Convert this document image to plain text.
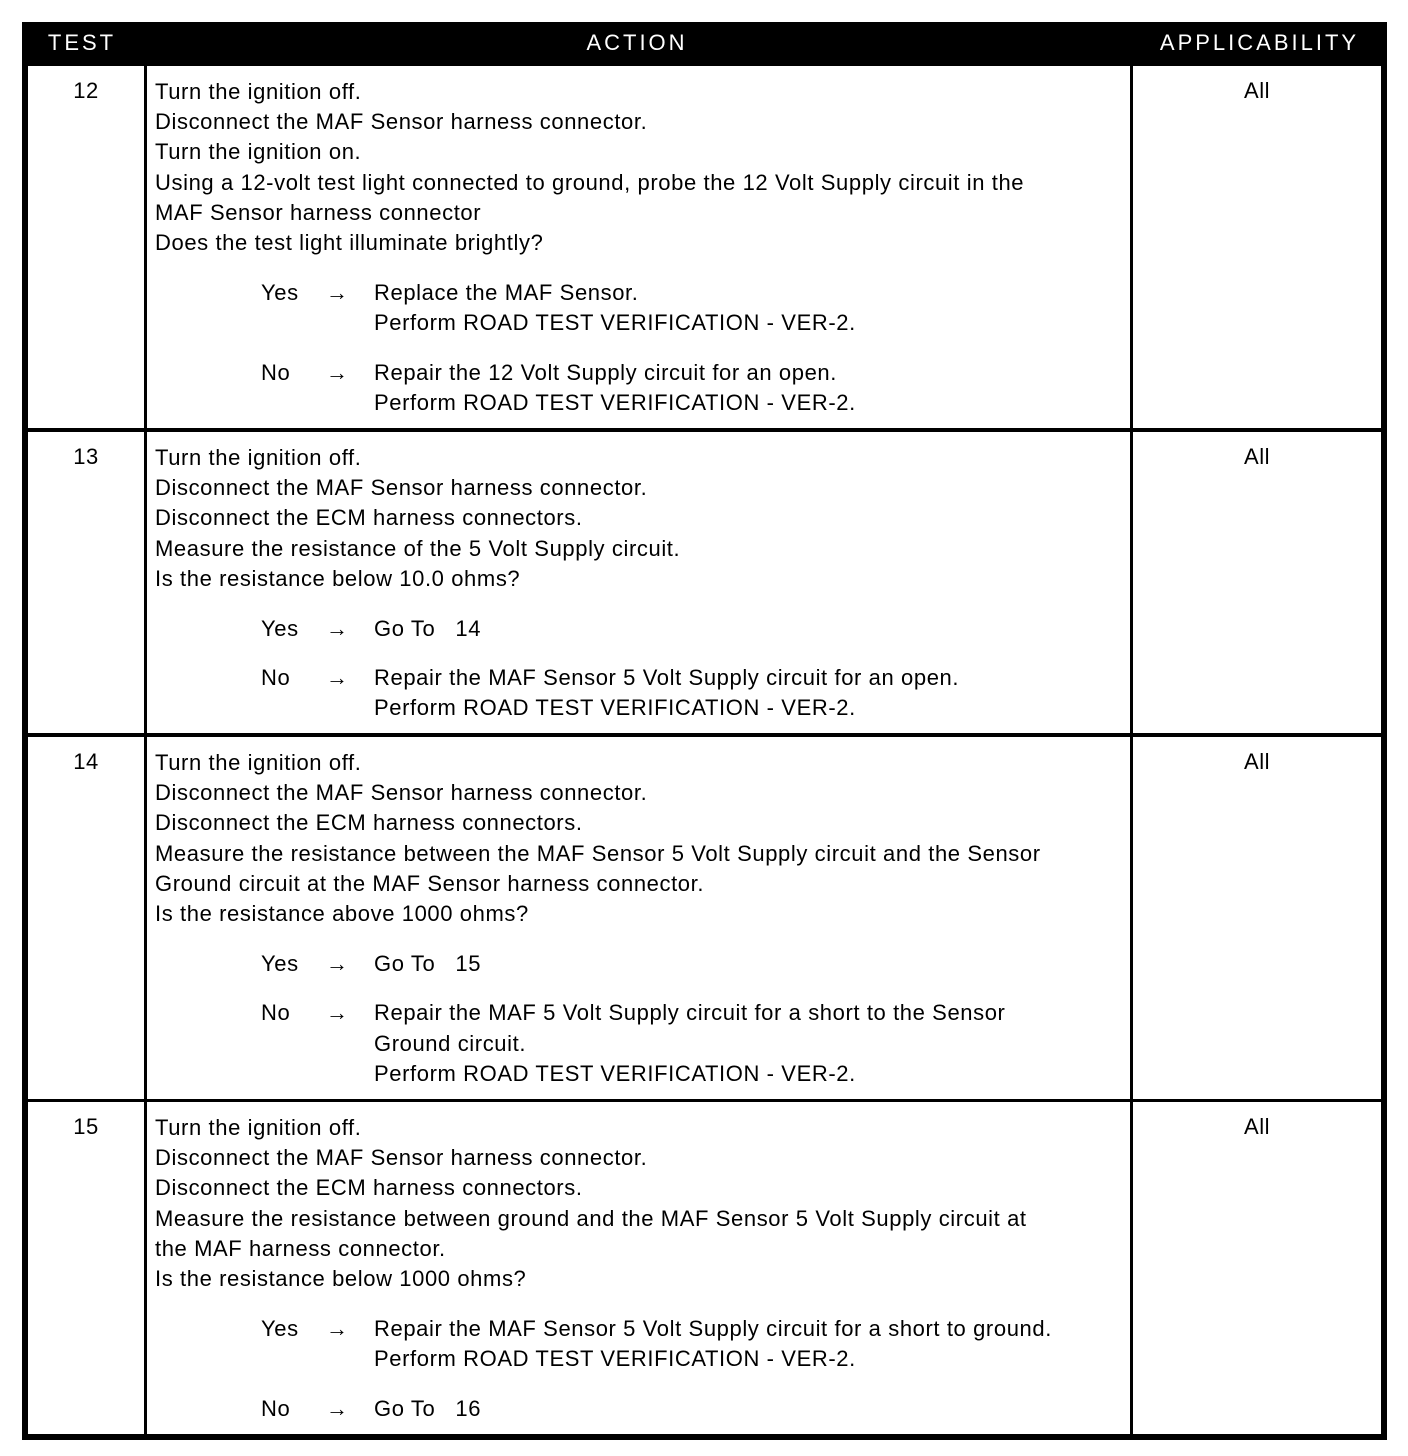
TEST	ACTION	APPLICABILITY
12	Turn the ignition off.
Disconnect the MAF Sensor harness connector.
Turn the ignition on.
Using a 12-volt test light connected to ground, probe the 12 Volt Supply circuit in the
MAF Sensor harness connector
Does the test light illuminate brightly?
Yes → Replace the MAF Sensor.
Perform ROAD TEST VERIFICATION - VER-2.
No → Repair the 12 Volt Supply circuit for an open.
Perform ROAD TEST VERIFICATION - VER-2.
All
13	Turn the ignition off.
Disconnect the MAF Sensor harness connector.
Disconnect the ECM harness connectors.
Measure the resistance of the 5 Volt Supply circuit.
Is the resistance below 10.0 ohms?
Yes → Go To   14
No → Repair the MAF Sensor 5 Volt Supply circuit for an open.
Perform ROAD TEST VERIFICATION - VER-2.
All
14	Turn the ignition off.
Disconnect the MAF Sensor harness connector.
Disconnect the ECM harness connectors.
Measure the resistance between the MAF Sensor 5 Volt Supply circuit and the Sensor
Ground circuit at the MAF Sensor harness connector.
Is the resistance above 1000 ohms?
Yes → Go To   15
No → Repair the MAF 5 Volt Supply circuit for a short to the Sensor
Ground circuit.
Perform ROAD TEST VERIFICATION - VER-2.
All
15	Turn the ignition off.
Disconnect the MAF Sensor harness connector.
Disconnect the ECM harness connectors.
Measure the resistance between ground and the MAF Sensor 5 Volt Supply circuit at
the MAF harness connector.
Is the resistance below 1000 ohms?
Yes → Repair the MAF Sensor 5 Volt Supply circuit for a short to ground.
Perform ROAD TEST VERIFICATION - VER-2.
No → Go To   16
All
